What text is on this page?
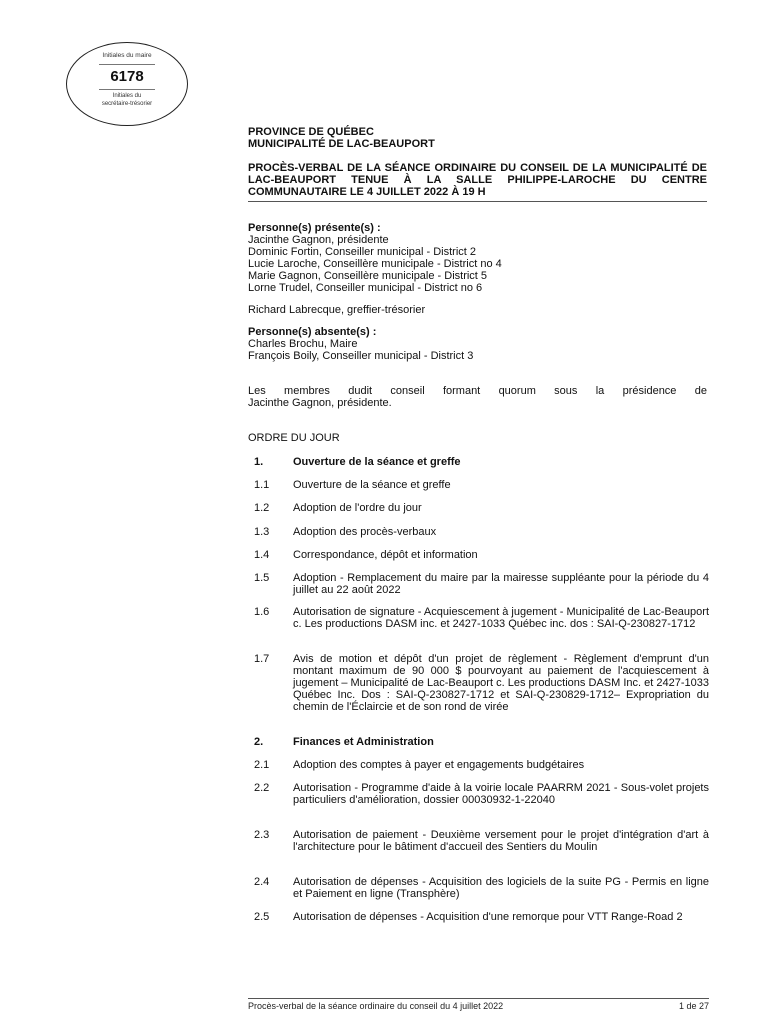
Initiales du maire
6178
Initiales du
secrétaire-trésorier
PROVINCE DE QUÉBEC
MUNICIPALITÉ DE LAC-BEAUPORT
PROCÈS-VERBAL DE LA SÉANCE ORDINAIRE DU CONSEIL DE LA MUNICIPALITÉ DE LAC-BEAUPORT TENUE À LA SALLE PHILIPPE-LAROCHE DU CENTRE COMMUNAUTAIRE LE 4 JUILLET 2022 À 19 H
Personne(s) présente(s) :
Jacinthe Gagnon, présidente
Dominic Fortin, Conseiller municipal - District 2
Lucie Laroche, Conseillère municipale - District no 4
Marie Gagnon, Conseillère municipale - District 5
Lorne Trudel, Conseiller municipal - District no 6
Richard Labrecque, greffier-trésorier
Personne(s) absente(s) :
Charles Brochu, Maire
François Boily, Conseiller municipal - District 3
Les membres dudit conseil formant quorum sous la présidence de
Jacinthe Gagnon, présidente.
ORDRE DU JOUR
1.	Ouverture de la séance et greffe
1.1	Ouverture de la séance et greffe
1.2	Adoption de l'ordre du jour
1.3	Adoption des procès-verbaux
1.4	Correspondance, dépôt et information
1.5	Adoption - Remplacement du maire par la mairesse suppléante pour la période du 4 juillet au 22 août 2022
1.6	Autorisation de signature - Acquiescement à jugement - Municipalité de Lac-Beauport c. Les productions DASM inc. et 2427-1033 Québec inc. dos : SAI-Q-230827-1712
1.7	Avis de motion et dépôt d'un projet de règlement - Règlement d'emprunt d'un montant maximum de 90 000 $ pourvoyant au paiement de l'acquiescement à jugement – Municipalité de Lac-Beauport c. Les productions DASM Inc. et 2427-1033 Québec Inc. Dos : SAI-Q-230827-1712 et SAI-Q-230829-1712– Expropriation du chemin de l'Éclaircie et de son rond de virée
2.	Finances et Administration
2.1	Adoption des comptes à payer et engagements budgétaires
2.2	Autorisation - Programme d'aide à la voirie locale PAARRM 2021 - Sous-volet projets particuliers d'amélioration, dossier 00030932-1-22040
2.3	Autorisation de paiement - Deuxième versement pour le projet d'intégration d'art à l'architecture pour le bâtiment d'accueil des Sentiers du Moulin
2.4	Autorisation de dépenses - Acquisition des logiciels de la suite PG - Permis en ligne et Paiement en ligne (Transphère)
2.5	Autorisation de dépenses - Acquisition d'une remorque pour VTT Range-Road 2
Procès-verbal de la séance ordinaire du conseil du 4 juillet 2022	1 de 27
